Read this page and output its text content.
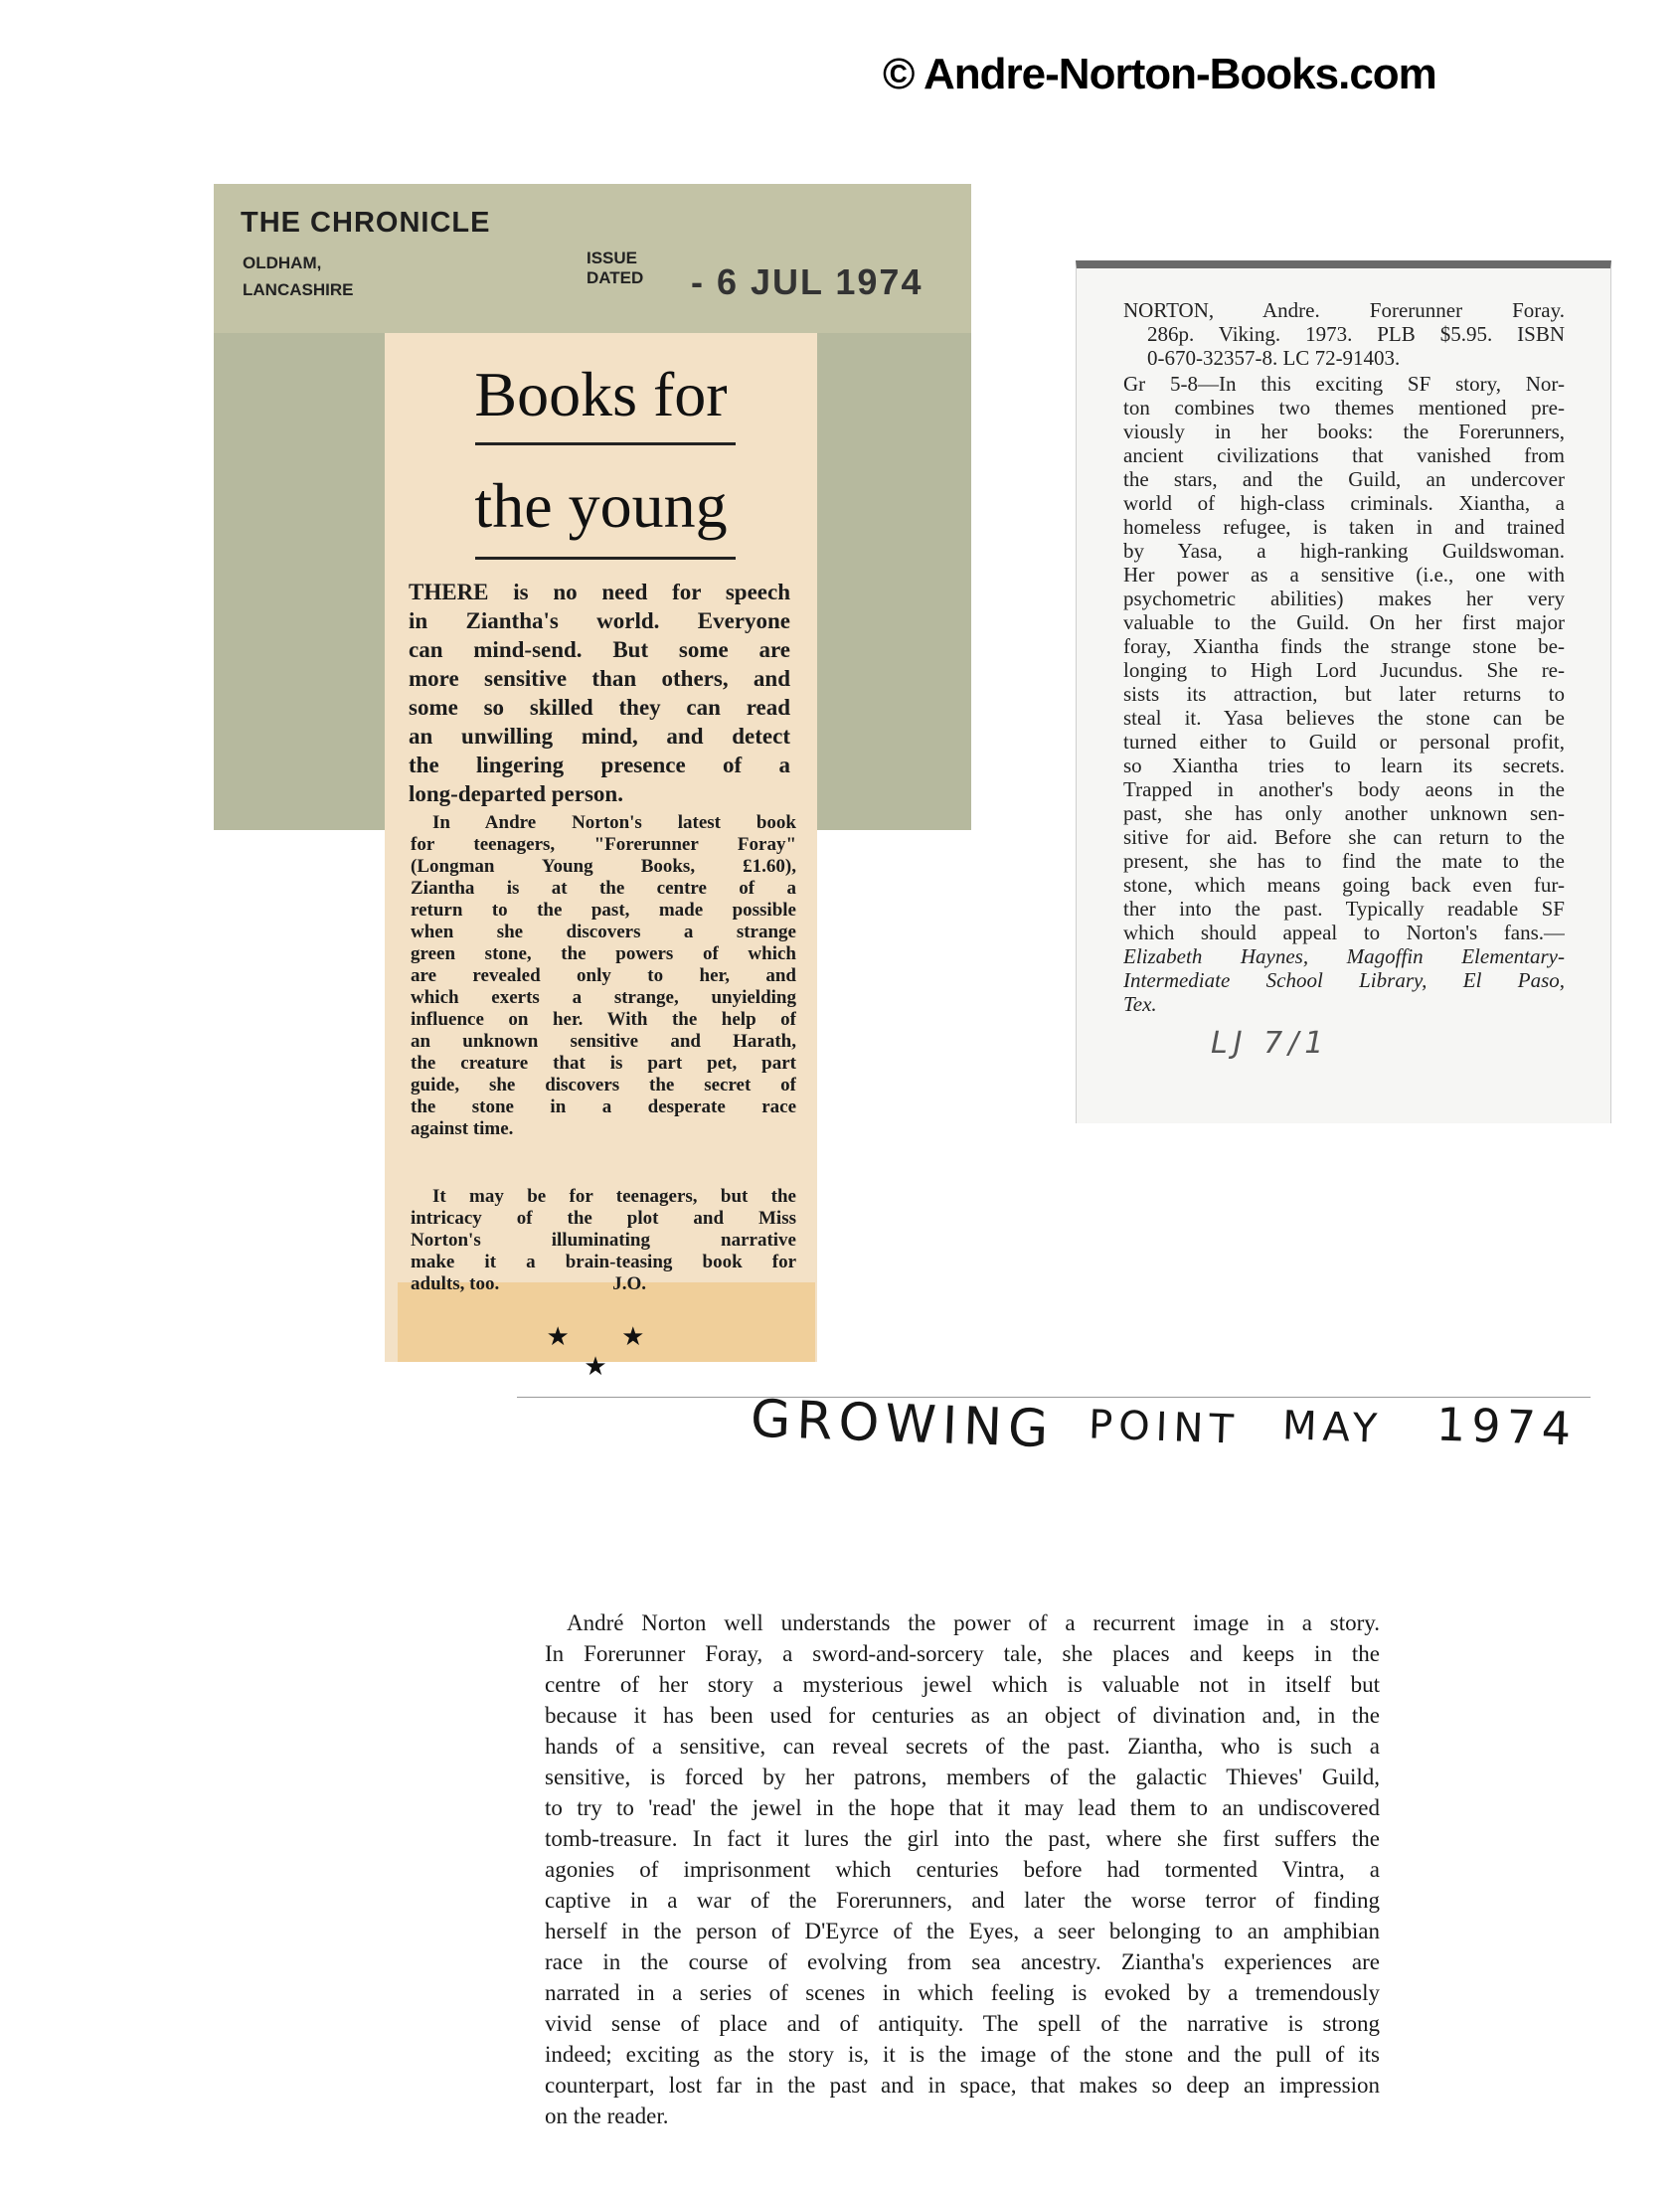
© Andre-Norton-Books.com
THE CHRONICLE
OLDHAM,
LANCASHIRE
ISSUE
DATED - 6 JUL 1974
Books for
the young
THERE is no need for speech
in Ziantha's world. Everyone
can mind-send. But some are
more sensitive than others, and
some so skilled they can read
an unwilling mind, and detect
the lingering presence of a
long-departed person.
In Andre Norton's latest book
for teenagers, "Forerunner Foray"
(Longman Young Books, £1.60),
Ziantha is at the centre of a
return to the past, made possible
when she discovers a strange
green stone, the powers of which
are revealed only to her, and
which exerts a strange, unyielding
influence on her. With the help of
an unknown sensitive and Harath,
the creature that is part pet, part
guide, she discovers the secret of
the stone in a desperate race
against time.
It may be for teenagers, but the
intricacy of the plot and Miss
Norton's illuminating narrative
make it a brain-teasing book for
adults, too.                        J.O.
★ ★ ★
NORTON, Andre. Forerunner Foray.
286p. Viking. 1973. PLB $5.95. ISBN
0-670-32357-8. LC 72-91403.
Gr 5-8—In this exciting SF story, Nor-
ton combines two themes mentioned pre-
viously in her books: the Forerunners,
ancient civilizations that vanished from
the stars, and the Guild, an undercover
world of high-class criminals. Xiantha, a
homeless refugee, is taken in and trained
by Yasa, a high-ranking Guildswoman.
Her power as a sensitive (i.e., one with
psychometric abilities) makes her very
valuable to the Guild. On her first major
foray, Xiantha finds the strange stone be-
longing to High Lord Jucundus. She re-
sists its attraction, but later returns to
steal it. Yasa believes the stone can be
turned either to Guild or personal profit,
so Xiantha tries to learn its secrets.
Trapped in another's body aeons in the
past, she has only another unknown sen-
sitive for aid. Before she can return to the
present, she has to find the mate to the
stone, which means going back even fur-
ther into the past. Typically readable SF
which should appeal to Norton's fans.—
Elizabeth Haynes, Magoffin Elementary-
Intermediate School Library, El Paso,
Tex.
LJ 7/1
GROWING POINT MAY 1974
André Norton well understands the power of a recurrent image in a story.
In Forerunner Foray, a sword-and-sorcery tale, she places and keeps in the
centre of her story a mysterious jewel which is valuable not in itself but
because it has been used for centuries as an object of divination and, in the
hands of a sensitive, can reveal secrets of the past. Ziantha, who is such a
sensitive, is forced by her patrons, members of the galactic Thieves' Guild,
to try to 'read' the jewel in the hope that it may lead them to an undiscovered
tomb-treasure. In fact it lures the girl into the past, where she first suffers the
agonies of imprisonment which centuries before had tormented Vintra, a
captive in a war of the Forerunners, and later the worse terror of finding
herself in the person of D'Eyrce of the Eyes, a seer belonging to an amphibian
race in the course of evolving from sea ancestry. Ziantha's experiences are
narrated in a series of scenes in which feeling is evoked by a tremendously
vivid sense of place and of antiquity. The spell of the narrative is strong
indeed; exciting as the story is, it is the image of the stone and the pull of its
counterpart, lost far in the past and in space, that makes so deep an impression
on the reader.
